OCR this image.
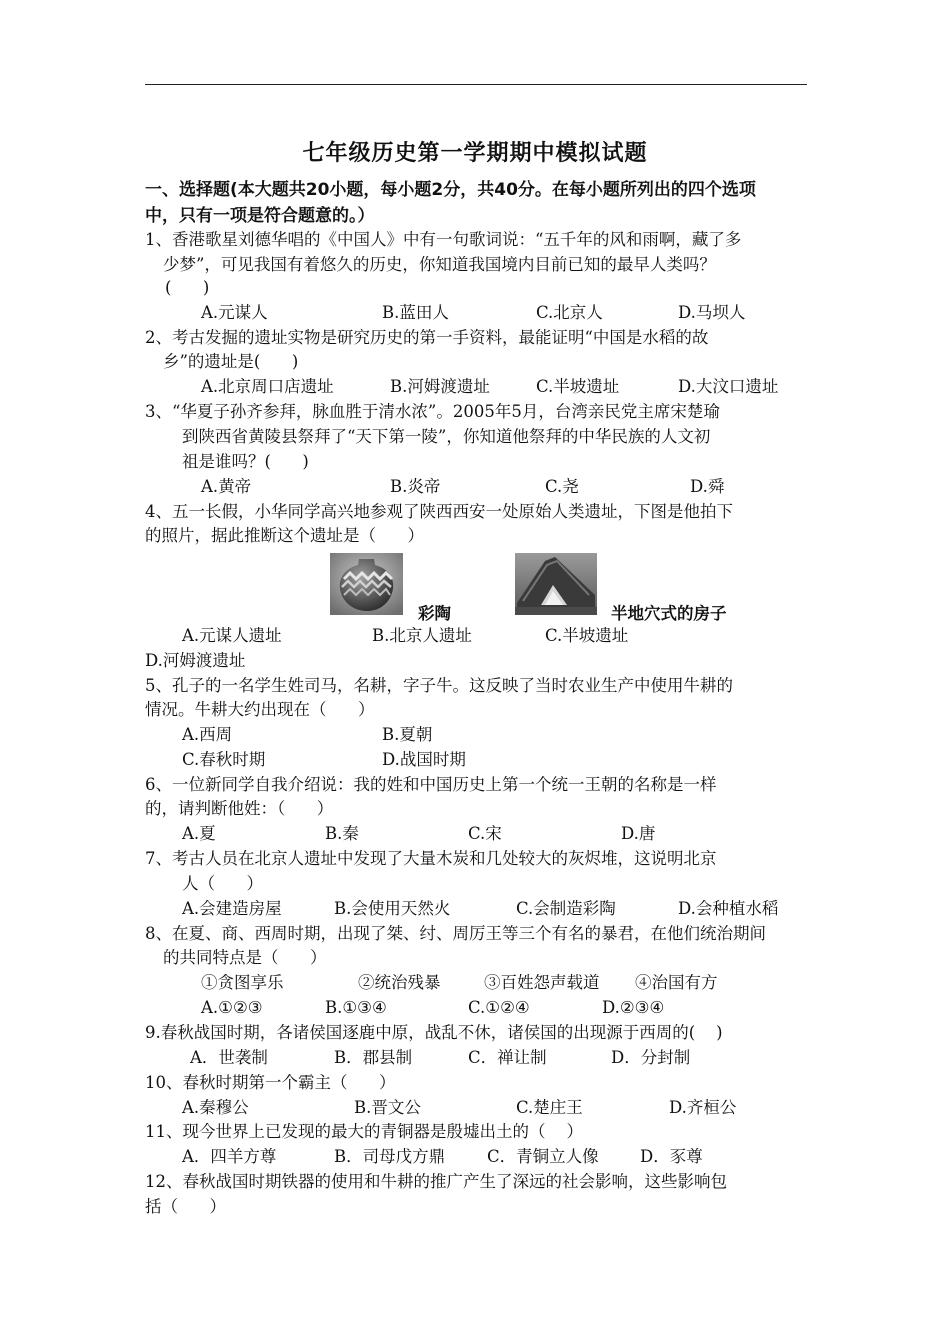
七年级历史第一学期期中模拟试题
一、选择题(本大题共20小题，每小题2分，共40分。在每小题所列出的四个选项
中，只有一项是符合题意的。）
1、香港歌星刘德华唱的《中国人》中有一句歌词说：“五千年的风和雨啊，藏了多
少梦”，可见我国有着悠久的历史，你知道我国境内目前已知的最早人类吗？
(      )
A.元谋人	B.蓝田人	C.北京人	D.马坝人
2、考古发掘的遗址实物是研究历史的第一手资料，最能证明“中国是水稻的故
乡”的遗址是(      )
A.北京周口店遗址	B.河姆渡遗址	C.半坡遗址	D.大汶口遗址
3、“华夏子孙齐参拜，脉血胜于清水浓”。2005年5月，台湾亲民党主席宋楚瑜
到陕西省黄陵县祭拜了“天下第一陵”，你知道他祭拜的中华民族的人文初
祖是谁吗？(      )
A.黄帝	B.炎帝	C.尧	D.舜
4、五一长假，小华同学高兴地参观了陕西西安一处原始人类遗址，下图是他拍下
的照片，据此推断这个遗址是（      ）
彩陶	半地穴式的房子
A.元谋人遗址	B.北京人遗址	C.半坡遗址
D.河姆渡遗址
5、孔子的一名学生姓司马，名耕，字子牛。这反映了当时农业生产中使用牛耕的
情况。牛耕大约出现在（      ）
A.西周	B.夏朝
C.春秋时期	D.战国时期
6、一位新同学自我介绍说：我的姓和中国历史上第一个统一王朝的名称是一样
的，请判断他姓：（      ）
A.夏	B.秦	C.宋	D.唐
7、考古人员在北京人遗址中发现了大量木炭和几处较大的灰烬堆，这说明北京
人（      ）
A.会建造房屋	B.会使用天然火	C.会制造彩陶	D.会种植水稻
8、在夏、商、西周时期，出现了桀、纣、周厉王等三个有名的暴君，在他们统治期间
的共同特点是（      ）
①贪图享乐	②统治残暴	③百姓怨声载道 ④治国有方
A.①②③	B.①③④	C.①②④	D.②③④
9.春秋战国时期，各诸侯国逐鹿中原，战乱不休，诸侯国的出现源于西周的(    )
A．世袭制	B．郡县制	C．禅让制	D．分封制
10、春秋时期第一个霸主（      ）
A.秦穆公	B.晋文公	C.楚庄王	D.齐桓公
11、现今世界上已发现的最大的青铜器是殷墟出土的（    ）
A．四羊方尊	B．司母戊方鼎	C．青铜立人像	D．豕尊
12、春秋战国时期铁器的使用和牛耕的推广产生了深远的社会影响，这些影响包
括（      ）
